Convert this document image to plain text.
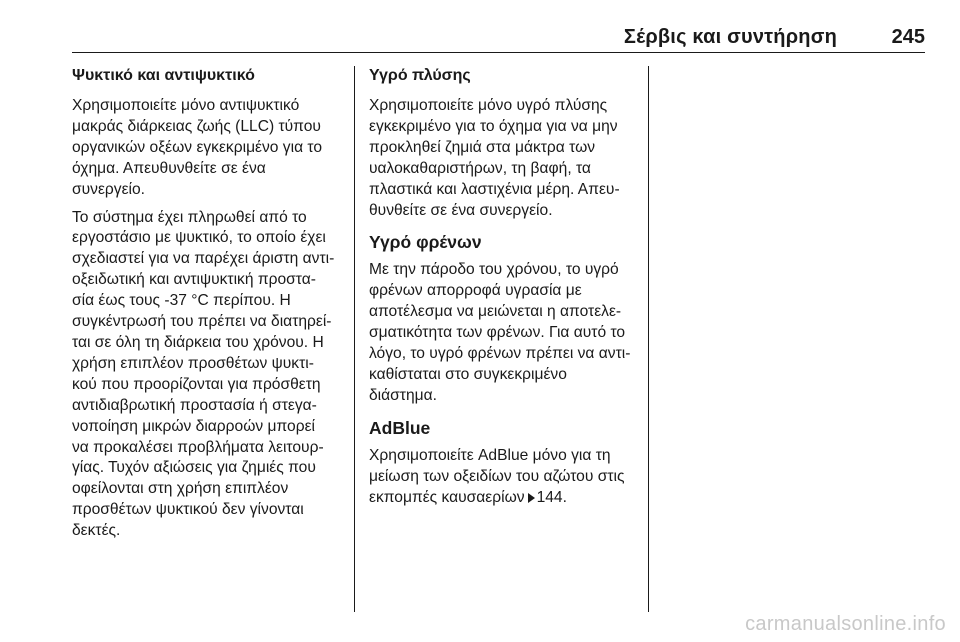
Σέρβις και συντήρηση	245
Ψυκτικό και αντιψυκτικό
Χρησιμοποιείτε μόνο αντιψυκτικό
μακράς διάρκειας ζωής (LLC) τύπου
οργανικών οξέων εγκεκριμένο για το
όχημα. Απευθυνθείτε σε ένα
συνεργείο.
Το σύστημα έχει πληρωθεί από το
εργοστάσιο με ψυκτικό, το οποίο έχει
σχεδιαστεί για να παρέχει άριστη αντι-
οξειδωτική και αντιψυκτική προστα-
σία έως τους -37 °C περίπου. Η
συγκέντρωσή του πρέπει να διατηρεί-
ται σε όλη τη διάρκεια του χρόνου. Η
χρήση επιπλέον προσθέτων ψυκτι-
κού που προορίζονται για πρόσθετη
αντιδιαβρωτική προστασία ή στεγα-
νοποίηση μικρών διαρροών μπορεί
να προκαλέσει προβλήματα λειτουρ-
γίας. Τυχόν αξιώσεις για ζημιές που
οφείλονται στη χρήση επιπλέον
προσθέτων ψυκτικού δεν γίνονται
δεκτές.
Υγρό πλύσης
Χρησιμοποιείτε μόνο υγρό πλύσης
εγκεκριμένο για το όχημα για να μην
προκληθεί ζημιά στα μάκτρα των
υαλοκαθαριστήρων, τη βαφή, τα
πλαστικά και λαστιχένια μέρη. Απευ-
θυνθείτε σε ένα συνεργείο.
Υγρό φρένων
Με την πάροδο του χρόνου, το υγρό
φρένων απορροφά υγρασία με
αποτέλεσμα να μειώνεται η αποτελε-
σματικότητα των φρένων. Για αυτό το
λόγο, το υγρό φρένων πρέπει να αντι-
καθίσταται στο συγκεκριμένο
διάστημα.
AdBlue
Χρησιμοποιείτε AdBlue μόνο για τη
μείωση των οξειδίων του αζώτου στις
εκπομπές καυσαερίων 144.
carmanualsonline.info
